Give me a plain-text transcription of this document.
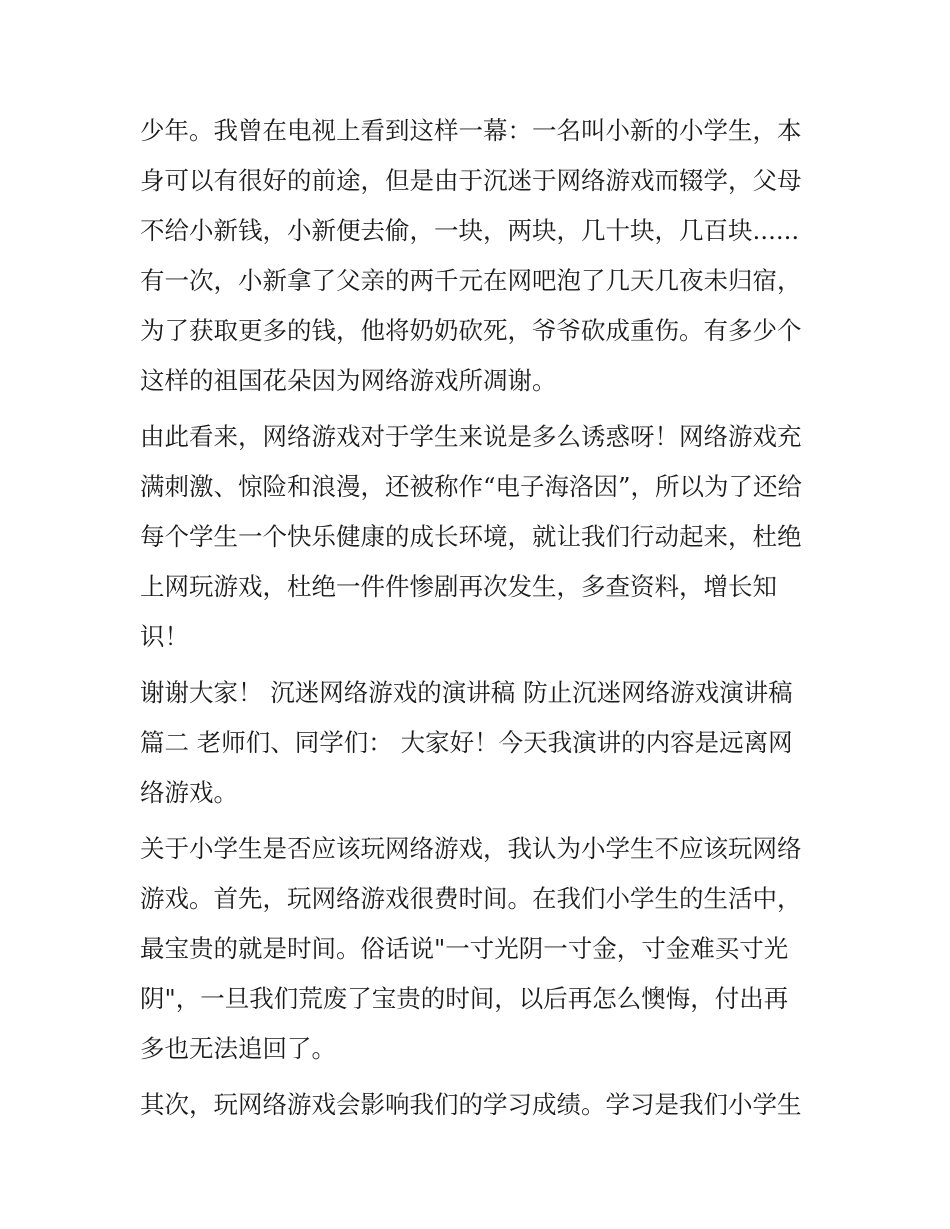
少年。我曾在电视上看到这样一幕：一名叫小新的小学生，本
身可以有很好的前途，但是由于沉迷于网络游戏而辍学，父母
不给小新钱，小新便去偷，一块，两块，几十块，几百块......
有一次，小新拿了父亲的两千元在网吧泡了几天几夜未归宿，
为了获取更多的钱，他将奶奶砍死，爷爷砍成重伤。有多少个
这样的祖国花朵因为网络游戏所凋谢。

由此看来，网络游戏对于学生来说是多么诱惑呀！网络游戏充
满刺激、惊险和浪漫，还被称作“电子海洛因”，所以为了还给
每个学生一个快乐健康的成长环境，就让我们行动起来，杜绝
上网玩游戏，杜绝一件件惨剧再次发生，多查资料，增长知
识！

谢谢大家！ 沉迷网络游戏的演讲稿 防止沉迷网络游戏演讲稿
篇二 老师们、同学们： 大家好！今天我演讲的内容是远离网
络游戏。

关于小学生是否应该玩网络游戏，我认为小学生不应该玩网络
游戏。首先，玩网络游戏很费时间。在我们小学生的生活中，
最宝贵的就是时间。俗话说"一寸光阴一寸金，寸金难买寸光
阴"，一旦我们荒废了宝贵的时间，以后再怎么懊悔，付出再
多也无法追回了。

其次，玩网络游戏会影响我们的学习成绩。学习是我们小学生
